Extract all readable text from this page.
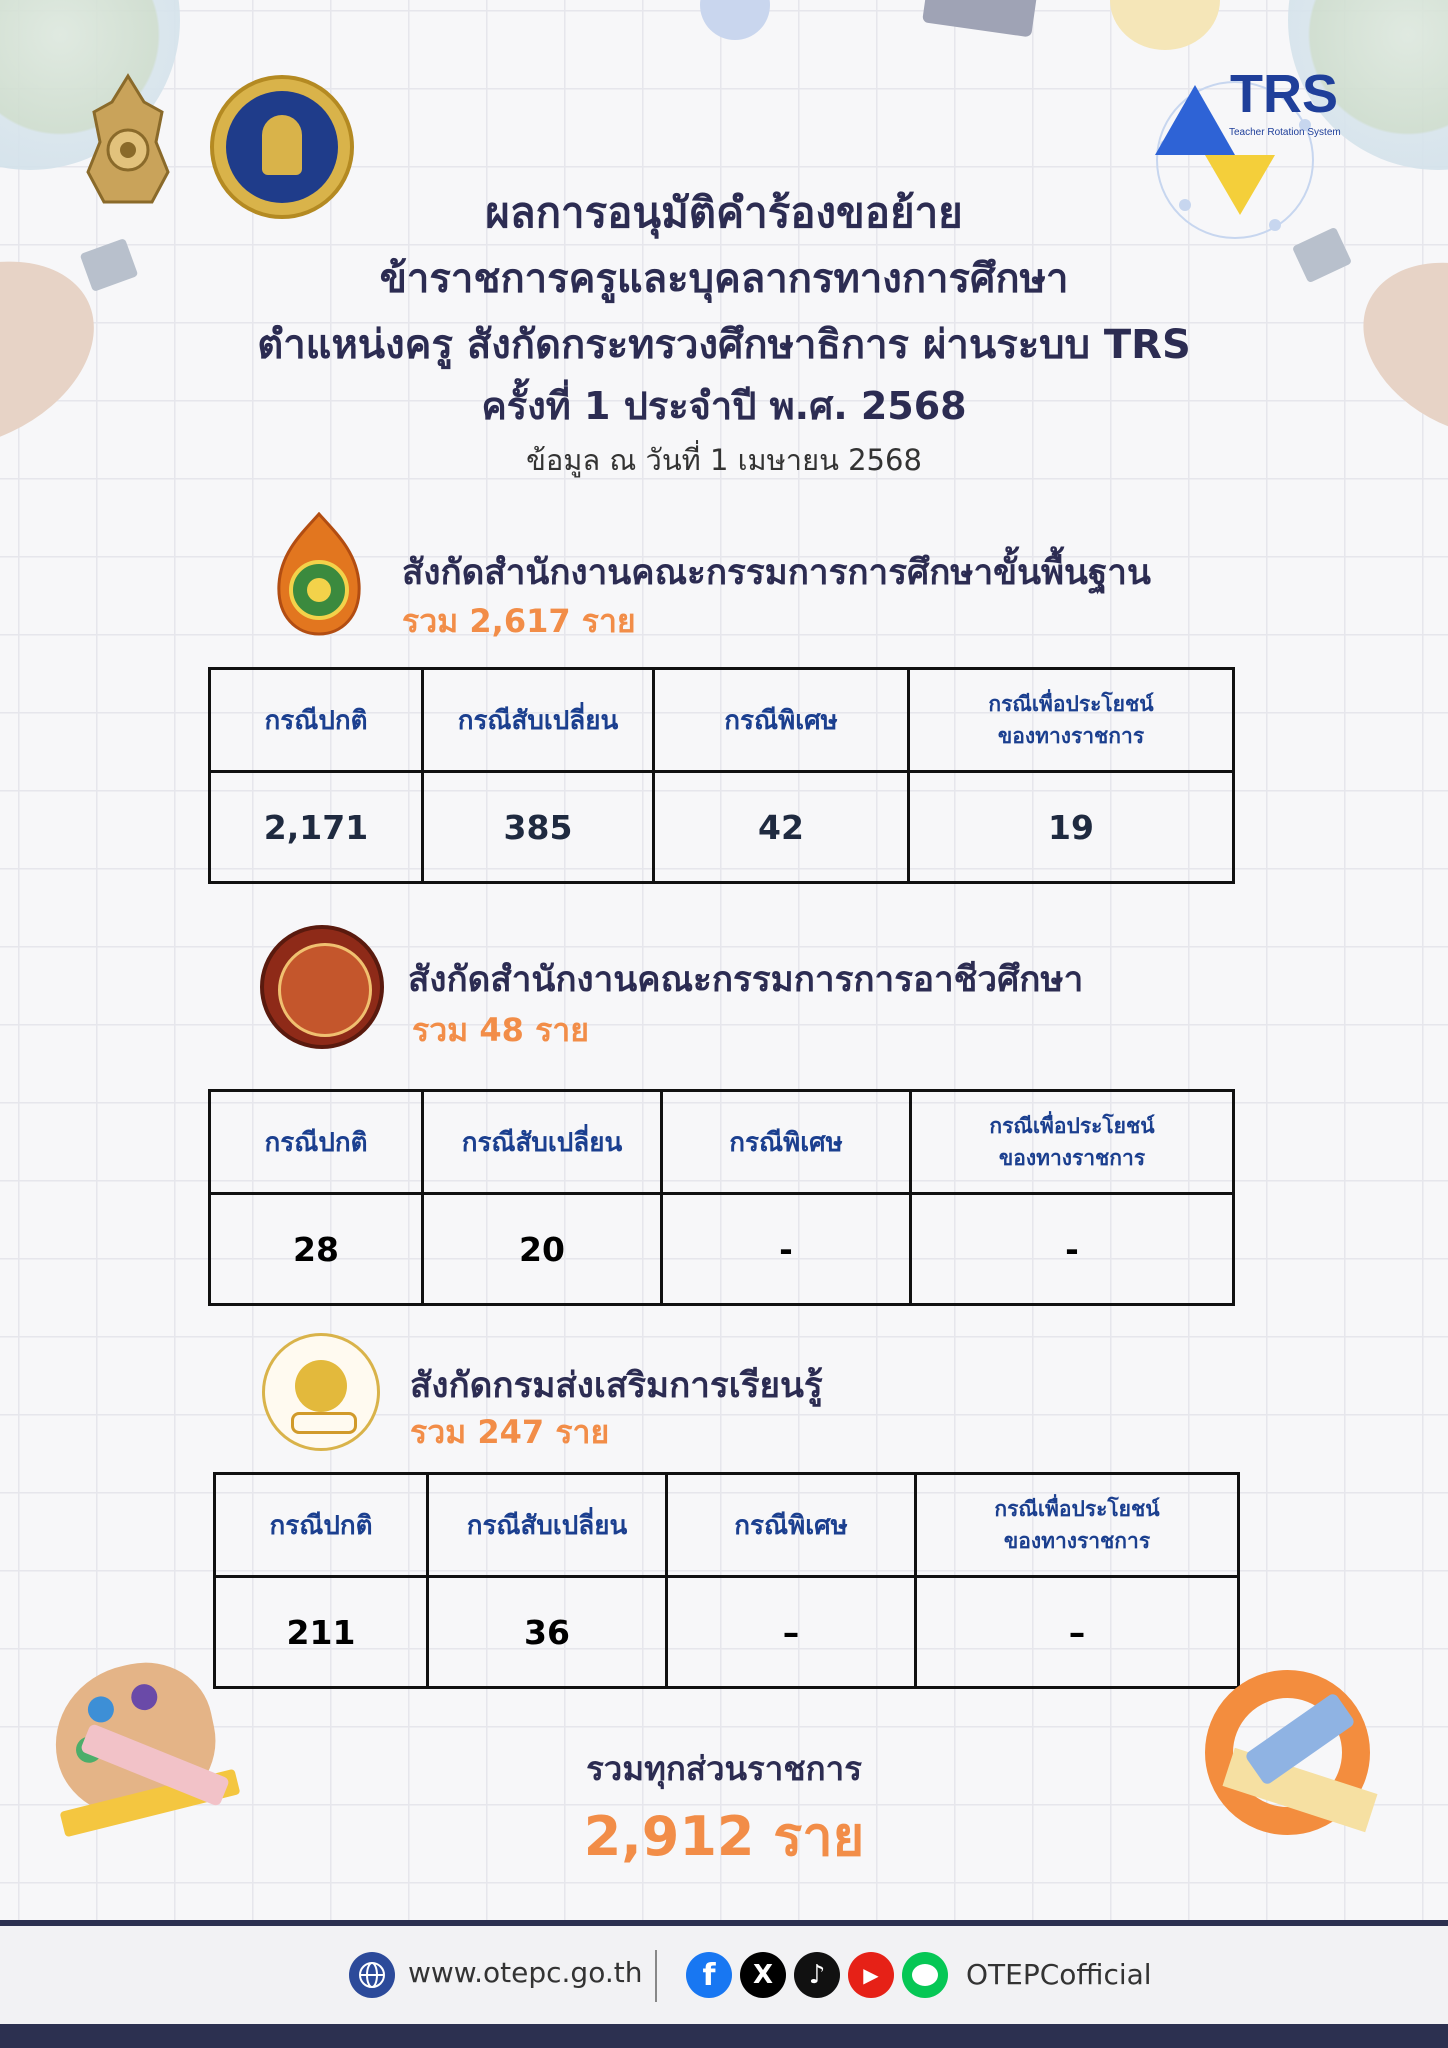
TRS
Teacher Rotation System
ผลการอนุมัติคำร้องขอย้าย
ข้าราชการครูและบุคลากรทางการศึกษา
ตำแหน่งครู สังกัดกระทรวงศึกษาธิการ ผ่านระบบ TRS
ครั้งที่ 1 ประจำปี พ.ศ. 2568
ข้อมูล ณ วันที่ 1 เมษายน 2568
สังกัดสำนักงานคณะกรรมการการศึกษาขั้นพื้นฐาน
รวม 2,617 ราย
กรณีปกติ	กรณีสับเปลี่ยน	กรณีพิเศษ	กรณีเพื่อประโยชน์
ของทางราชการ
2,171	385	42	19
สังกัดสำนักงานคณะกรรมการการอาชีวศึกษา
รวม 48 ราย
กรณีปกติ	กรณีสับเปลี่ยน	กรณีพิเศษ	กรณีเพื่อประโยชน์
ของทางราชการ
28	20	-	-
สังกัดกรมส่งเสริมการเรียนรู้
รวม 247 ราย
กรณีปกติ	กรณีสับเปลี่ยน	กรณีพิเศษ	กรณีเพื่อประโยชน์
ของทางราชการ
211	36	–	–
รวมทุกส่วนราชการ
2,912 ราย
www.otepc.go.th	f	X	♪	▶	OTEPCofficial
